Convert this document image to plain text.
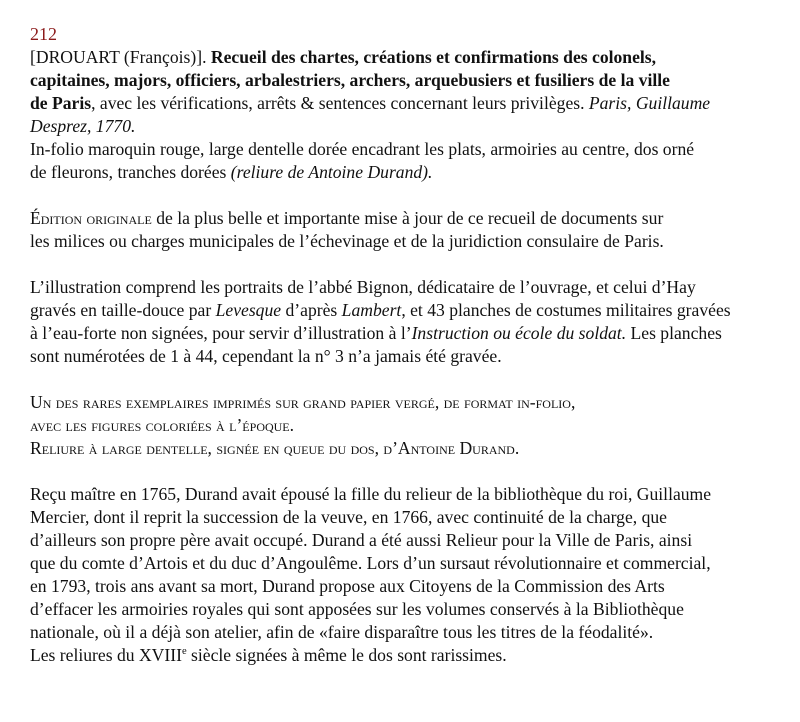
212
[DROUART (François)]. Recueil des chartes, créations et confirmations des colonels,
capitaines, majors, officiers, arbalestriers, archers, arquebusiers et fusiliers de la ville
de Paris, avec les vérifications, arrêts & sentences concernant leurs privilèges. Paris, Guillaume
Desprez, 1770.
In-folio maroquin rouge, large dentelle dorée encadrant les plats, armoiries au centre, dos orné
de fleurons, tranches dorées (reliure de Antoine Durand).
Édition originale de la plus belle et importante mise à jour de ce recueil de documents sur
les milices ou charges municipales de l’échevinage et de la juridiction consulaire de Paris.
L’illustration comprend les portraits de l’abbé Bignon, dédicataire de l’ouvrage, et celui d’Hay
gravés en taille-douce par Levesque d’après Lambert, et 43 planches de costumes militaires gravées
à l’eau-forte non signées, pour servir d’illustration à l’Instruction ou école du soldat. Les planches
sont numérotées de 1 à 44, cependant la n° 3 n’a jamais été gravée.
Un des rares exemplaires imprimés sur grand papier vergé, de format in-folio,
avec les figures coloriées à l’époque.
Reliure à large dentelle, signée en queue du dos, d’Antoine Durand.
Reçu maître en 1765, Durand avait épousé la fille du relieur de la bibliothèque du roi, Guillaume
Mercier, dont il reprit la succession de la veuve, en 1766, avec continuité de la charge, que
d’ailleurs son propre père avait occupé. Durand a été aussi Relieur pour la Ville de Paris, ainsi
que du comte d’Artois et du duc d’Angoulême. Lors d’un sursaut révolutionnaire et commercial,
en 1793, trois ans avant sa mort, Durand propose aux Citoyens de la Commission des Arts
d’effacer les armoiries royales qui sont apposées sur les volumes conservés à la Bibliothèque
nationale, où il a déjà son atelier, afin de «faire disparaître tous les titres de la féodalité».
Les reliures du XVIIIe siècle signées à même le dos sont rarissimes.
